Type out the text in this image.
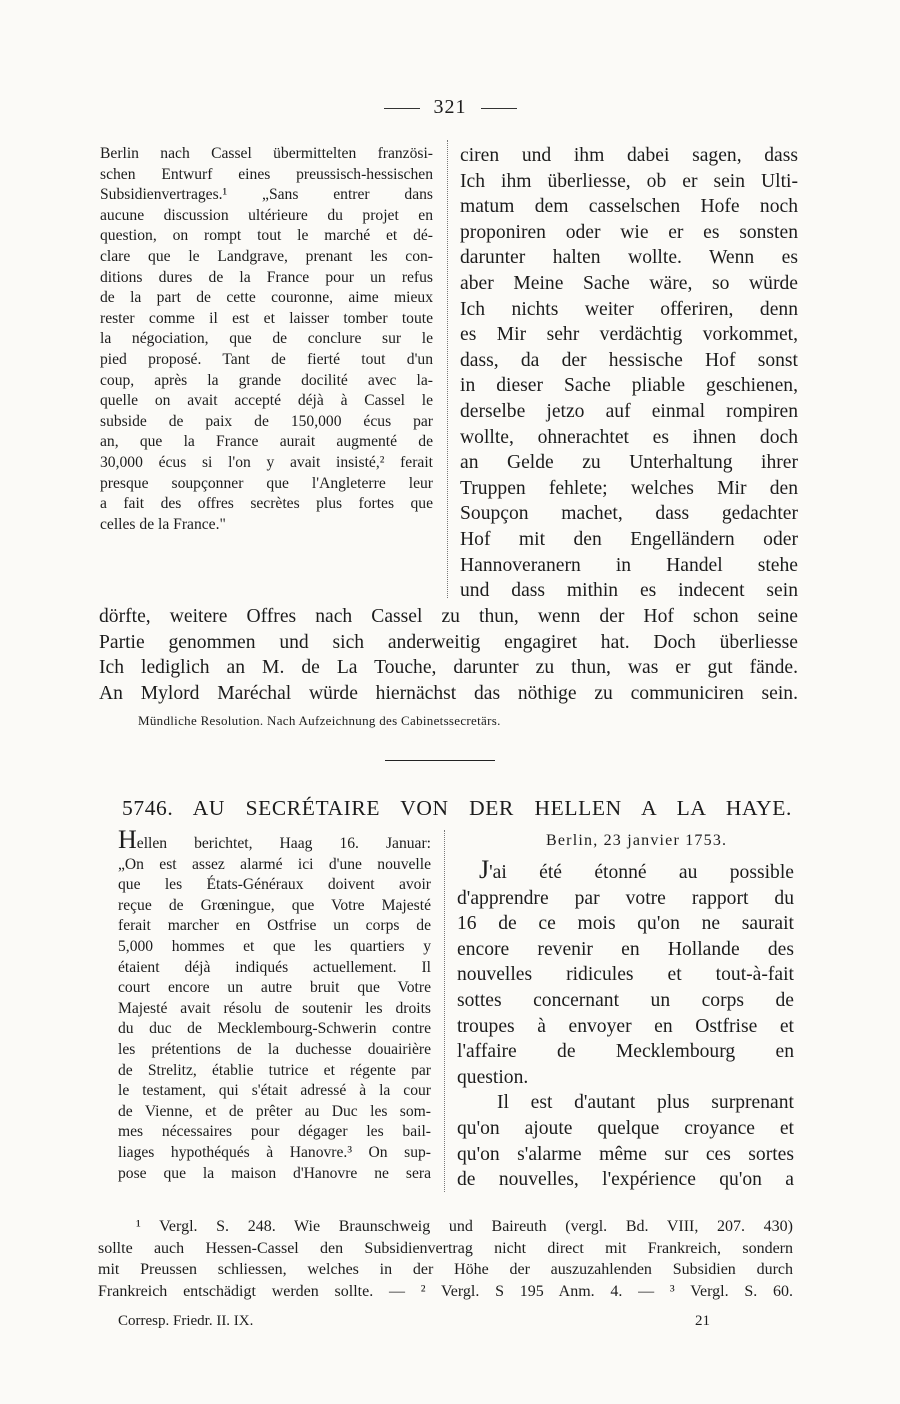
321
Berlin nach Cassel übermittelten französi-
schen Entwurf eines preussisch-hessischen
Subsidienvertrages.¹ „Sans entrer dans
aucune discussion ultérieure du projet en
question, on rompt tout le marché et dé-
clare que le Landgrave, prenant les con-
ditions dures de la France pour un refus
de la part de cette couronne, aime mieux
rester comme il est et laisser tomber toute
la négociation, que de conclure sur le
pied proposé. Tant de fierté tout d'un
coup, après la grande docilité avec la-
quelle on avait accepté déjà à Cassel le
subside de paix de 150,000 écus par
an, que la France aurait augmenté de
30,000 écus si l'on y avait insisté,² ferait
presque soupçonner que l'Angleterre leur
a fait des offres secrètes plus fortes que
celles de la France."
ciren und ihm dabei sagen, dass
Ich ihm überliesse, ob er sein Ulti-
matum dem casselschen Hofe noch
proponiren oder wie er es sonsten
darunter halten wollte. Wenn es
aber Meine Sache wäre, so würde
Ich nichts weiter offeriren, denn
es Mir sehr verdächtig vorkommet,
dass, da der hessische Hof sonst
in dieser Sache pliable geschienen,
derselbe jetzo auf einmal rompiren
wollte, ohnerachtet es ihnen doch
an Gelde zu Unterhaltung ihrer
Truppen fehlete; welches Mir den
Soupçon machet, dass gedachter
Hof mit den Engelländern oder
Hannoveranern in Handel stehe
und dass mithin es indecent sein
dörfte, weitere Offres nach Cassel zu thun, wenn der Hof schon seine
Partie genommen und sich anderweitig engagiret hat. Doch überliesse
Ich lediglich an M. de La Touche, darunter zu thun, was er gut fände.
An Mylord Maréchal würde hiernächst das nöthige zu communiciren sein.
Mündliche Resolution. Nach Aufzeichnung des Cabinetssecretärs.
5746. AU SECRÉTAIRE VON DER HELLEN A LA HAYE.
Hellen berichtet, Haag 16. Januar:
„On est assez alarmé ici d'une nouvelle
que les États-Généraux doivent avoir
reçue de Grœningue, que Votre Majesté
ferait marcher en Ostfrise un corps de
5,000 hommes et que les quartiers y
étaient déjà indiqués actuellement. Il
court encore un autre bruit que Votre
Majesté avait résolu de soutenir les droits
du duc de Mecklembourg-Schwerin contre
les prétentions de la duchesse douairière
de Strelitz, établie tutrice et régente par
le testament, qui s'était adressé à la cour
de Vienne, et de prêter au Duc les som-
mes nécessaires pour dégager les bail-
liages hypothéqués à Hanovre.³ On sup-
pose que la maison d'Hanovre ne sera
Berlin, 23 janvier 1753.
J'ai été étonné au possible
d'apprendre par votre rapport du
16 de ce mois qu'on ne saurait
encore revenir en Hollande des
nouvelles ridicules et tout-à-fait
sottes concernant un corps de
troupes à envoyer en Ostfrise et
l'affaire de Mecklembourg en
question.
Il est d'autant plus surprenant
qu'on ajoute quelque croyance et
qu'on s'alarme même sur ces sortes
de nouvelles, l'expérience qu'on a
¹ Vergl. S. 248. Wie Braunschweig und Baireuth (vergl. Bd. VIII, 207. 430)
sollte auch Hessen-Cassel den Subsidienvertrag nicht direct mit Frankreich, sondern
mit Preussen schliessen, welches in der Höhe der auszuzahlenden Subsidien durch
Frankreich entschädigt werden sollte. — ² Vergl. S 195 Anm. 4. — ³ Vergl. S. 60.
Corresp. Friedr. II. IX.	21
